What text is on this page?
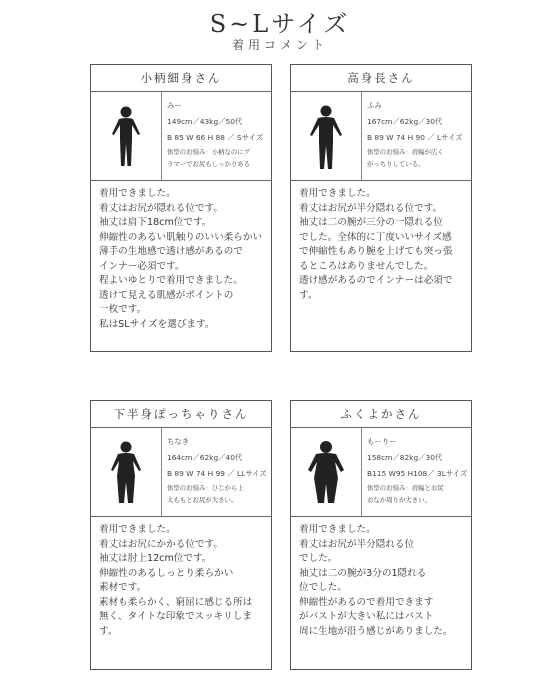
S~Lサイズ
着用コメント
小柄細身さん
みー
149cm／43kg／50代
B 85 W 66 H 88 ／ Sサイズ
体型のお悩み：小柄なのにグ
ラマーでお尻もしっかりある
着用できました。
着丈はお尻が隠れる位です。
袖丈は肩下18cm位です。
伸縮性のあるい肌触りのいい柔らかい
薄手の生地感で透け感があるので
インナー必須です。
程よいゆとりで着用できました。
透けて見える肌感がポイントの
一枚です。
私はSLサイズを選びます。
高身長さん
ふみ
167cm／62kg／30代
B 89 W 74 H 90 ／ Lサイズ
体型のお悩み：肩幅が広く
がっちりしている。
着用できました。
着丈はお尻が半分隠れる位です。
袖丈は二の腕が三分の一隠れる位
でした。全体的に丁度いいサイズ感
で伸縮性もあり腕を上げても突っ張
るところはありませんでした。
透け感があるのでインナーは必須で
す。
下半身ぽっちゃりさん
ちなき
164cm／62kg／40代
B 89 W 74 H 99 ／ LLサイズ
体型のお悩み：ひじから上
太ももとお尻が大きい。
着用できました。
着丈はお尻にかかる位です。
袖丈は肘上12cm位です。
伸縮性のあるしっとり柔らかい
素材です。
素材も柔らかく、窮屈に感じる所は
無く、タイトな印象でスッキリしま
す。
ふくよかさん
もーりー
158cm／82kg／30代
B115 W95 H108／ 3Lサイズ
体型のお悩み：肩幅とお尻
おなか周りが大きい。
着用できました。
着丈はお尻が半分隠れる位
でした。
袖丈は二の腕が3分の1隠れる
位でした。
伸縮性があるので着用できます
がバストが大きい私にはバスト
周に生地が沿う感じがありました。
